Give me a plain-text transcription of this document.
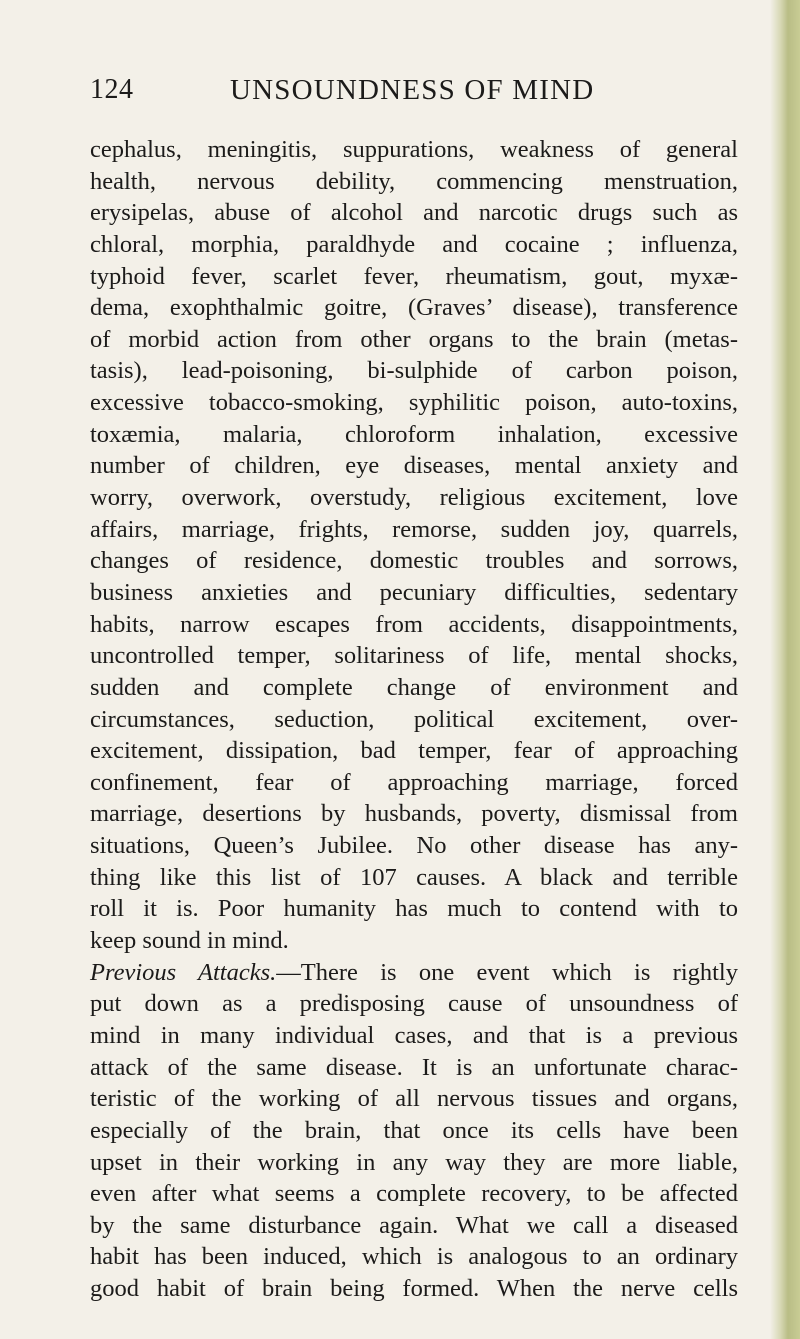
124	UNSOUNDNESS OF MIND
cephalus, meningitis, suppurations, weakness of general
health, nervous debility, commencing menstruation,
erysipelas, abuse of alcohol and narcotic drugs such as
chloral, morphia, paraldhyde and cocaine ; influenza,
typhoid fever, scarlet fever, rheumatism, gout, myxæ-
dema, exophthalmic goitre, (Graves’ disease), transference
of morbid action from other organs to the brain (metas-
tasis), lead-poisoning, bi-sulphide of carbon poison,
excessive tobacco-smoking, syphilitic poison, auto-toxins,
toxæmia, malaria, chloroform inhalation, excessive
number of children, eye diseases, mental anxiety and
worry, overwork, overstudy, religious excitement, love
affairs, marriage, frights, remorse, sudden joy, quarrels,
changes of residence, domestic troubles and sorrows,
business anxieties and pecuniary difficulties, sedentary
habits, narrow escapes from accidents, disappointments,
uncontrolled temper, solitariness of life, mental shocks,
sudden and complete change of environment and
circumstances, seduction, political excitement, over-
excitement, dissipation, bad temper, fear of approaching
confinement, fear of approaching marriage, forced
marriage, desertions by husbands, poverty, dismissal from
situations, Queen’s Jubilee. No other disease has any-
thing like this list of 107 causes. A black and terrible
roll it is. Poor humanity has much to contend with to
keep sound in mind.
Previous Attacks.—There is one event which is rightly
put down as a predisposing cause of unsoundness of
mind in many individual cases, and that is a previous
attack of the same disease. It is an unfortunate charac-
teristic of the working of all nervous tissues and organs,
especially of the brain, that once its cells have been
upset in their working in any way they are more liable,
even after what seems a complete recovery, to be affected
by the same disturbance again. What we call a diseased
habit has been induced, which is analogous to an ordinary
good habit of brain being formed. When the nerve cells
